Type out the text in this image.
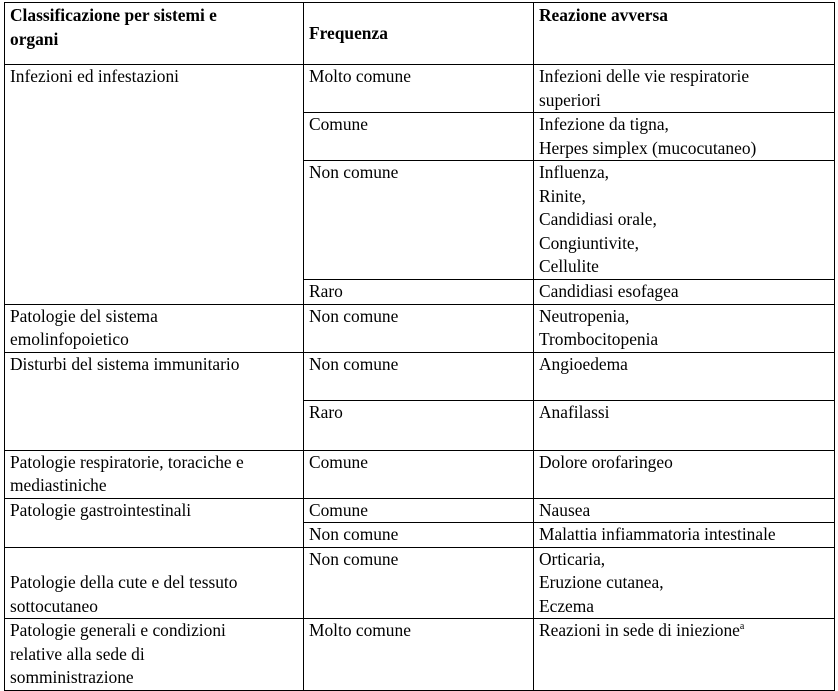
Classificazione per sistemi e
organi	Frequenza	Reazione avversa

Infezioni ed infestazioni	Molto comune	Infezioni delle vie respiratorie
superiori

	Comune	Infezione da tigna,
Herpes simplex (mucocutaneo)

	Non comune	Influenza,
Rinite,
Candidiasi orale,
Congiuntivite,
Cellulite

	Raro	Candidiasi esofagea

Patologie del sistema
emolinfopoietico	Non comune	Neutropenia,
Trombocitopenia

Disturbi del sistema immunitario	Non comune	Angioedema
	Raro	Anafilassi

Patologie respiratorie, toraciche e
mediastiniche	Comune	Dolore orofaringeo
Patologie gastrointestinali	Comune	Nausea
	Non comune	Malattia infiammatoria intestinale

Patologie della cute e del tessuto
sottocutaneo	Non comune	Orticaria,
Eruzione cutanea,
Eczema

Patologie generali e condizioni
relative alla sede di
somministrazione	Molto comune	Reazioni in sede di iniezione$^a$
